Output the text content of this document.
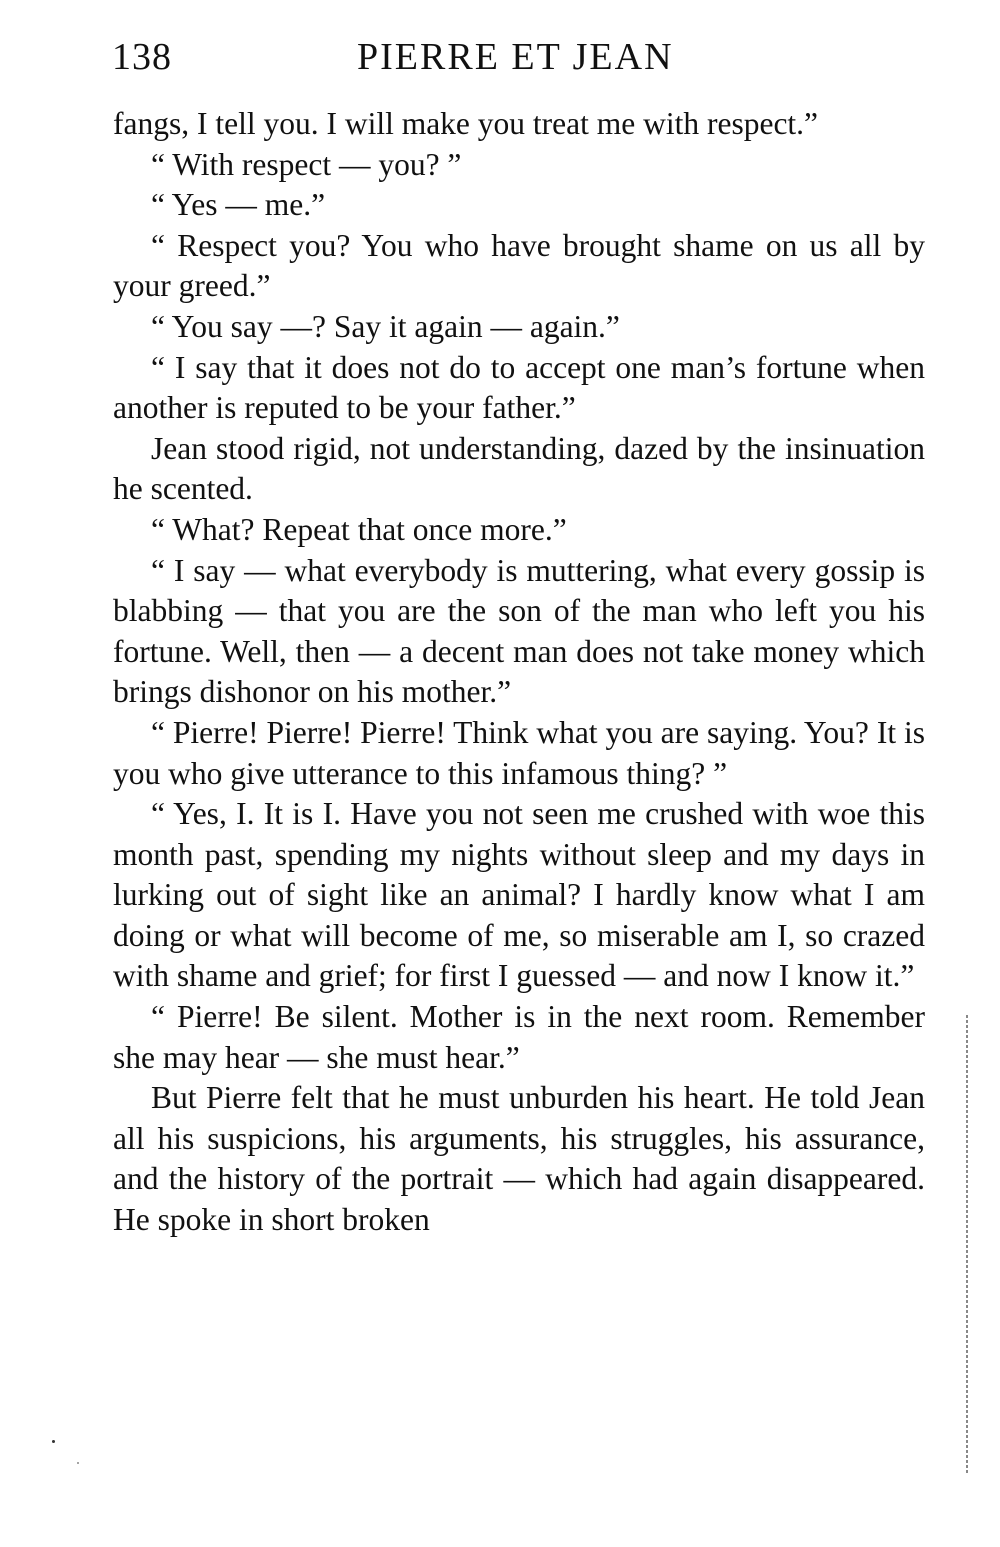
138	PIERRE ET JEAN

fangs, I tell you. I will make you treat me with respect.”

“ With respect — you? ”

“ Yes — me.”

“ Respect you? You who have brought shame on us all by your greed.”

“ You say —? Say it again — again.”

“ I say that it does not do to accept one man’s fortune when another is reputed to be your father.”

Jean stood rigid, not understanding, dazed by the insinuation he scented.

“ What? Repeat that once more.”

“ I say — what everybody is muttering, what every gossip is blabbing — that you are the son of the man who left you his fortune. Well, then — a decent man does not take money which brings dishonor on his mother.”

“ Pierre! Pierre! Pierre! Think what you are saying. You? It is you who give utterance to this infamous thing? ”

“ Yes, I. It is I. Have you not seen me crushed with woe this month past, spending my nights without sleep and my days in lurking out of sight like an animal? I hardly know what I am doing or what will become of me, so miserable am I, so crazed with shame and grief; for first I guessed — and now I know it.”

“ Pierre! Be silent. Mother is in the next room. Remember she may hear — she must hear.”

But Pierre felt that he must unburden his heart. He told Jean all his suspicions, his arguments, his struggles, his assurance, and the history of the portrait — which had again disappeared. He spoke in short broken
